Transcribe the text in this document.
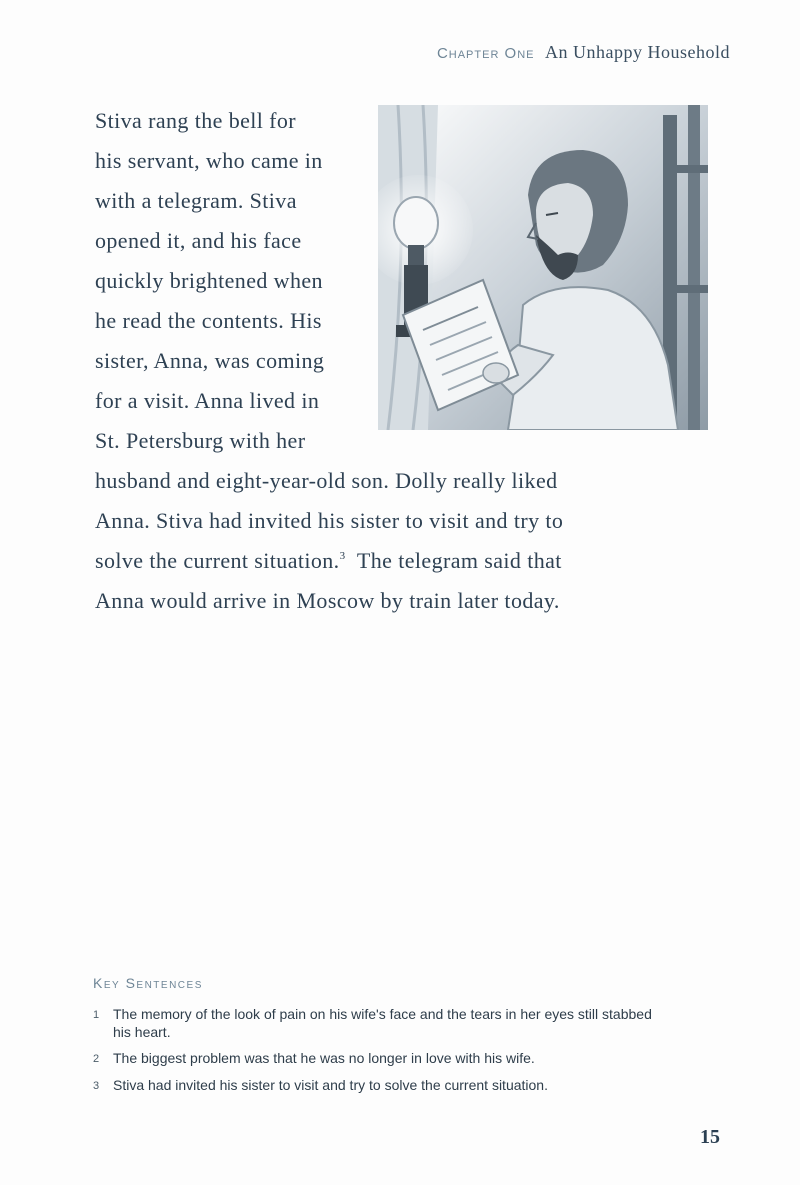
Chapter One An Unhappy Household
Stiva rang the bell for
his servant, who came in
with a telegram. Stiva
opened it, and his face
quickly brightened when
he read the contents. His
sister, Anna, was coming
for a visit. Anna lived in
St. Petersburg with her
husband and eight-year-old son. Dolly really liked
Anna. Stiva had invited his sister to visit and try to
solve the current situation.$^3$ The telegram said that
Anna would arrive in Moscow by train later today.
Key Sentences
1 The memory of the look of pain on his wife's face and the tears in her eyes still stabbed his heart.
2 The biggest problem was that he was no longer in love with his wife.
3 Stiva had invited his sister to visit and try to solve the current situation.
15
